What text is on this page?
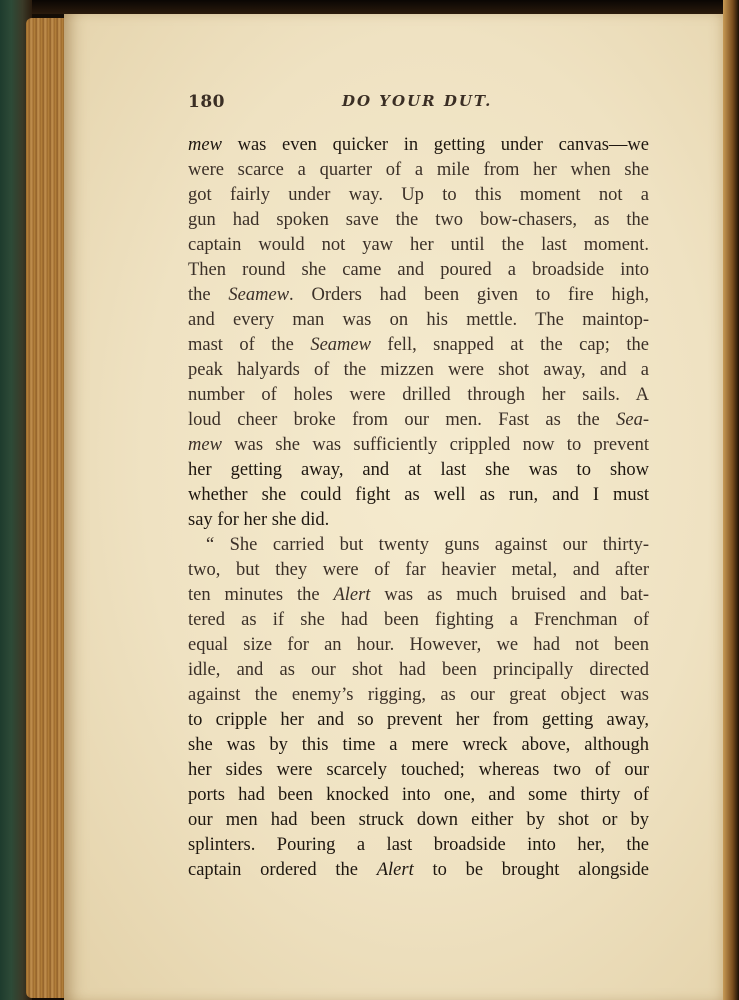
180	DO YOUR DUT.
mew was even quicker in getting under canvas—we
were scarce a quarter of a mile from her when she
got fairly under way. Up to this moment not a
gun had spoken save the two bow-chasers, as the
captain would not yaw her until the last moment.
Then round she came and poured a broadside into
the Seamew. Orders had been given to fire high,
and every man was on his mettle. The maintop-
mast of the Seamew fell, snapped at the cap; the
peak halyards of the mizzen were shot away, and a
number of holes were drilled through her sails. A
loud cheer broke from our men. Fast as the Sea-
mew was she was sufficiently crippled now to prevent
her getting away, and at last she was to show
whether she could fight as well as run, and I must
say for her she did.
“ She carried but twenty guns against our thirty-
two, but they were of far heavier metal, and after
ten minutes the Alert was as much bruised and bat-
tered as if she had been fighting a Frenchman of
equal size for an hour. However, we had not been
idle, and as our shot had been principally directed
against the enemy’s rigging, as our great object was
to cripple her and so prevent her from getting away,
she was by this time a mere wreck above, although
her sides were scarcely touched; whereas two of our
ports had been knocked into one, and some thirty of
our men had been struck down either by shot or by
splinters. Pouring a last broadside into her, the
captain ordered the Alert to be brought alongside
